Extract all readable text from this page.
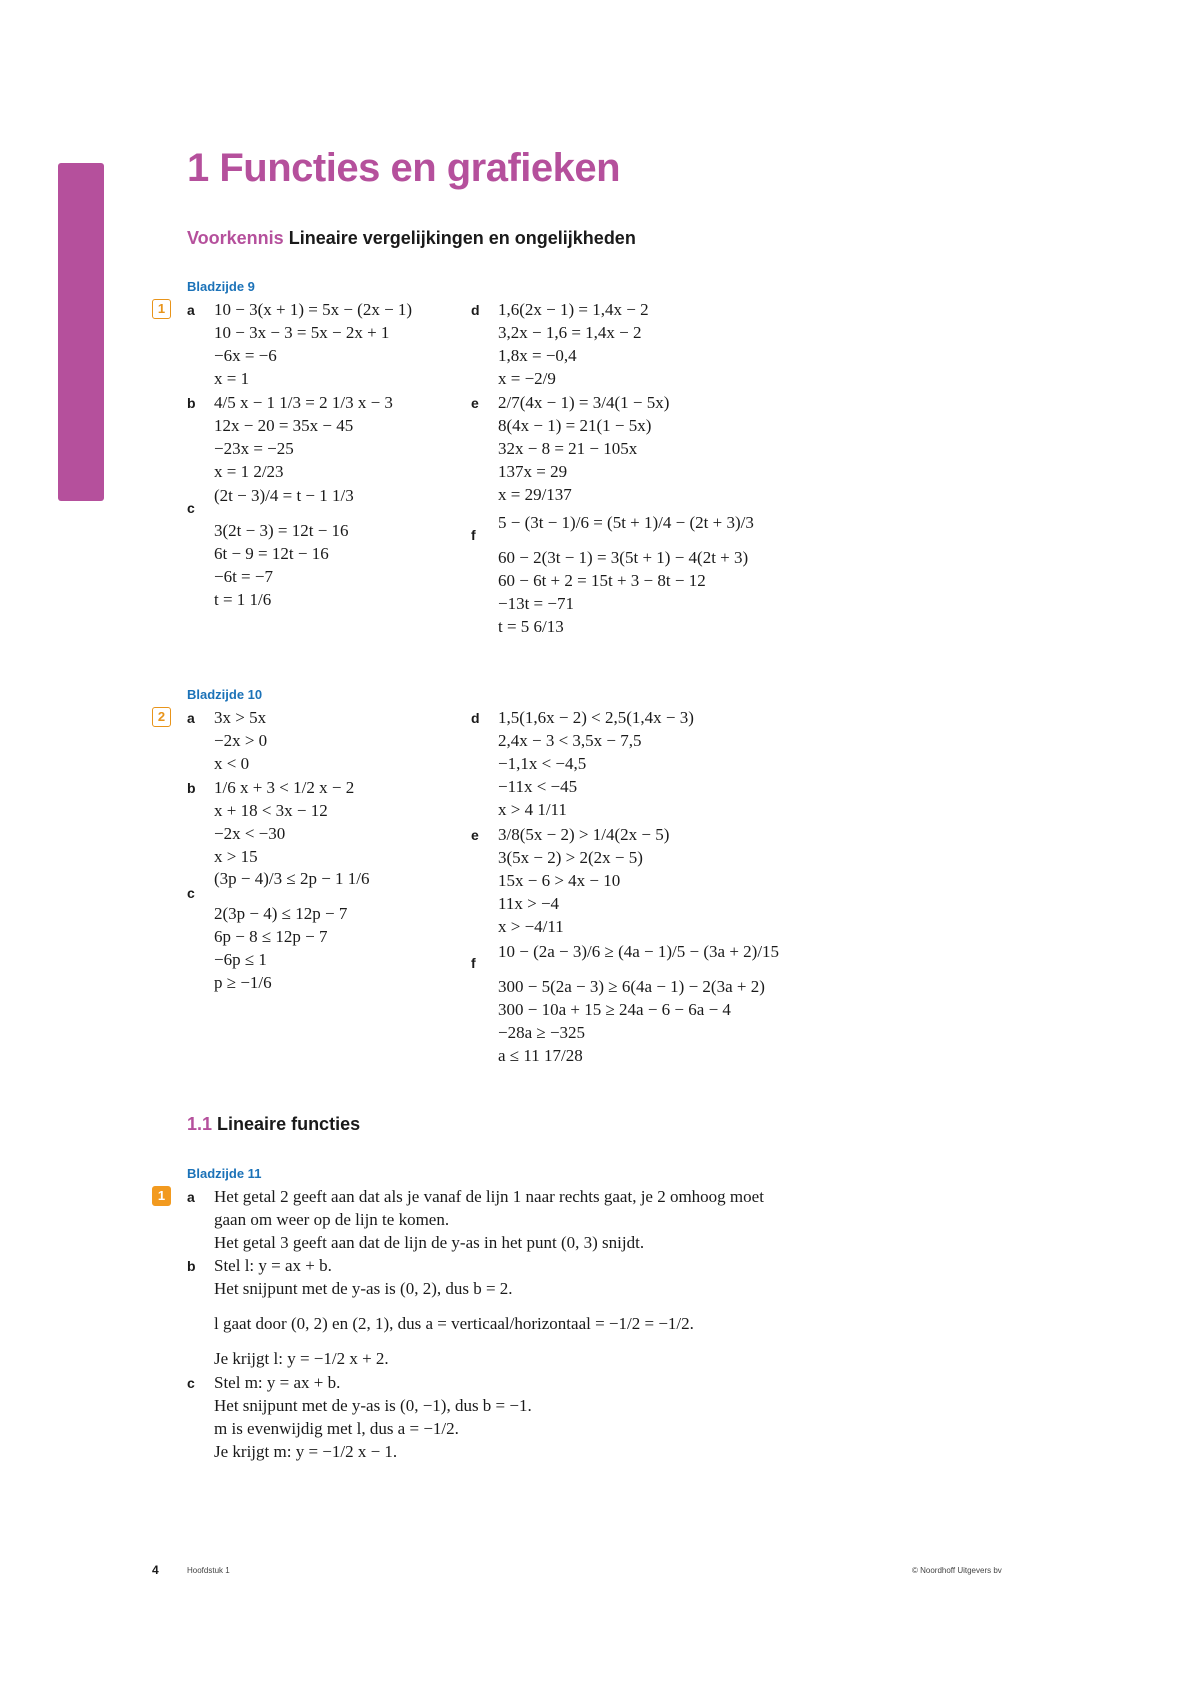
1 Functies en grafieken
Voorkennis Lineaire vergelijkingen en ongelijkheden
Bladzijde 9
1	a 10 − 3(x + 1) = 5x − (2x − 1)
10 − 3x − 3 = 5x − 2x + 1
−6x = −6
x = 1
b 4/5 x − 1 1/3 = 2 1/3 x − 3
12x − 20 = 35x − 45
−23x = −25
x = 1 2/23
c
(2t − 3)/4 = t − 1 1/3
3(2t − 3) = 12t − 16
6t − 9 = 12t − 16
−6t = −7
t = 1 1/6
d 1,6(2x − 1) = 1,4x − 2
3,2x − 1,6 = 1,4x − 2
1,8x = −0,4
x = −2/9
e 2/7(4x − 1) = 3/4(1 − 5x)
8(4x − 1) = 21(1 − 5x)
32x − 8 = 21 − 105x
137x = 29
x = 29/137
f
5 − (3t − 1)/6 = (5t + 1)/4 − (2t + 3)/3
60 − 2(3t − 1) = 3(5t + 1) − 4(2t + 3)
60 − 6t + 2 = 15t + 3 − 8t − 12
−13t = −71
t = 5 6/13
Bladzijde 10
2	a 3x > 5x
−2x > 0
x < 0
b 1/6 x + 3 < 1/2 x − 2
x + 18 < 3x − 12
−2x < −30
x > 15
c
(3p − 4)/3 ≤ 2p − 1 1/6
2(3p − 4) ≤ 12p − 7
6p − 8 ≤ 12p − 7
−6p ≤ 1
p ≥ −1/6
d 1,5(1,6x − 2) < 2,5(1,4x − 3)
2,4x − 3 < 3,5x − 7,5
−1,1x < −4,5
−11x < −45
x > 4 1/11
e 3/8(5x − 2) > 1/4(2x − 5)
3(5x − 2) > 2(2x − 5)
15x − 6 > 4x − 10
11x > −4
x > −4/11
f
10 − (2a − 3)/6 ≥ (4a − 1)/5 − (3a + 2)/15
300 − 5(2a − 3) ≥ 6(4a − 1) − 2(3a + 2)
300 − 10a + 15 ≥ 24a − 6 − 6a − 4
−28a ≥ −325
a ≤ 11 17/28
1.1 Lineaire functies
Bladzijde 11
1	a Het getal 2 geeft aan dat als je vanaf de lijn 1 naar rechts gaat, je 2 omhoog moet
gaan om weer op de lijn te komen.
Het getal 3 geeft aan dat de lijn de y-as in het punt (0, 3) snijdt.
b Stel l: y = ax + b.
Het snijpunt met de y-as is (0, 2), dus b = 2.
l gaat door (0, 2) en (2, 1), dus a = verticaal/horizontaal = −1/2 = −1/2.
Je krijgt l: y = −1/2 x + 2.
c Stel m: y = ax + b.
Het snijpunt met de y-as is (0, −1), dus b = −1.
m is evenwijdig met l, dus a = −1/2.
Je krijgt m: y = −1/2 x − 1.
4	Hoofdstuk 1	© Noordhoff Uitgevers bv
